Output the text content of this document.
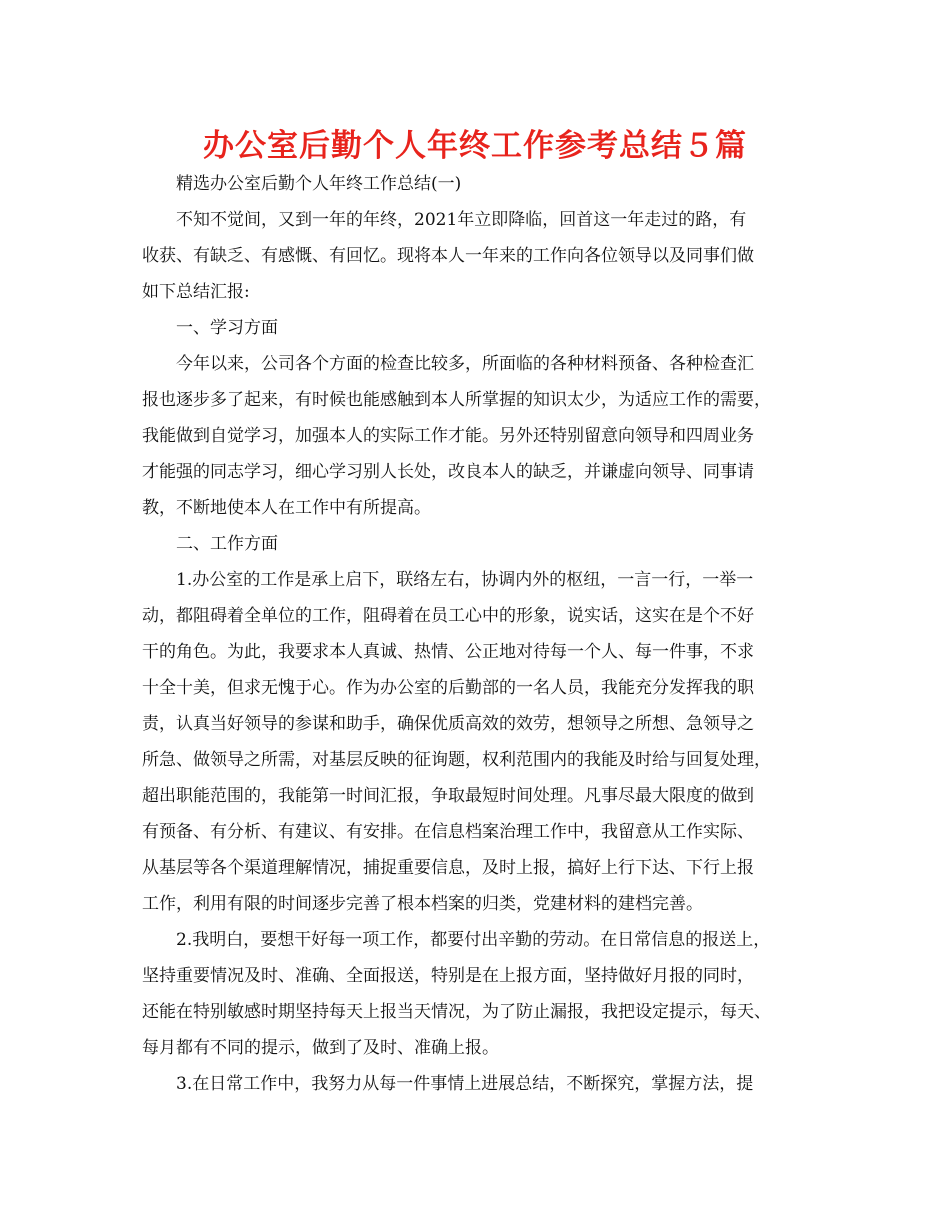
办公室后勤个人年终工作参考总结５篇
精选办公室后勤个人年终工作总结(一)
不知不觉间，又到一年的年终，2021年立即降临，回首这一年走过的路，有
收获、有缺乏、有感慨、有回忆。现将本人一年来的工作向各位领导以及同事们做
如下总结汇报:
一、学习方面
今年以来，公司各个方面的检查比较多，所面临的各种材料预备、各种检查汇
报也逐步多了起来，有时候也能感触到本人所掌握的知识太少，为适应工作的需要，
我能做到自觉学习，加强本人的实际工作才能。另外还特别留意向领导和四周业务
才能强的同志学习，细心学习别人长处，改良本人的缺乏，并谦虚向领导、同事请
教，不断地使本人在工作中有所提高。
二、工作方面
1.办公室的工作是承上启下，联络左右，协调内外的枢纽，一言一行，一举一
动，都阻碍着全单位的工作，阻碍着在员工心中的形象，说实话，这实在是个不好
干的角色。为此，我要求本人真诚、热情、公正地对待每一个人、每一件事，不求
十全十美，但求无愧于心。作为办公室的后勤部的一名人员，我能充分发挥我的职
责，认真当好领导的参谋和助手，确保优质高效的效劳，想领导之所想、急领导之
所急、做领导之所需，对基层反映的征询题，权利范围内的我能及时给与回复处理，
超出职能范围的，我能第一时间汇报，争取最短时间处理。凡事尽最大限度的做到
有预备、有分析、有建议、有安排。在信息档案治理工作中，我留意从工作实际、
从基层等各个渠道理解情况，捕捉重要信息，及时上报，搞好上行下达、下行上报
工作，利用有限的时间逐步完善了根本档案的归类，党建材料的建档完善。
2.我明白，要想干好每一项工作，都要付出辛勤的劳动。在日常信息的报送上，
坚持重要情况及时、准确、全面报送，特别是在上报方面，坚持做好月报的同时，
还能在特别敏感时期坚持每天上报当天情况，为了防止漏报，我把设定提示，每天、
每月都有不同的提示，做到了及时、准确上报。
3.在日常工作中，我努力从每一件事情上进展总结，不断探究，掌握方法，提
